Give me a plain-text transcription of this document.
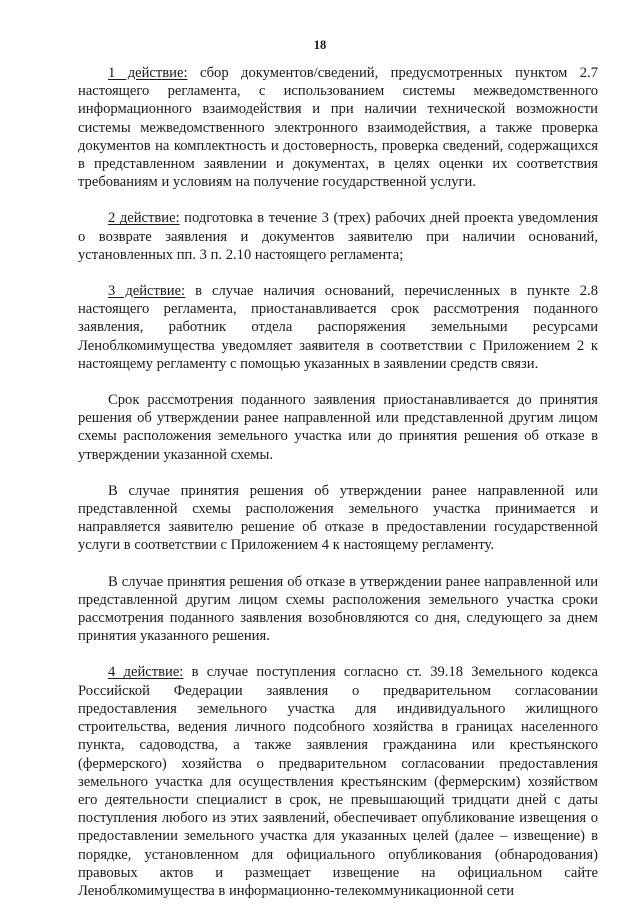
18

1 действие: сбор документов/сведений, предусмотренных пунктом 2.7 настоящего регламента, с использованием системы межведомственного информационного взаимодействия и при наличии технической возможности системы межведомственного электронного взаимодействия, а также проверка документов на комплектность и достоверность, проверка сведений, содержащихся в представленном заявлении и документах, в целях оценки их соответствия требованиям и условиям на получение государственной услуги.

2 действие: подготовка в течение 3 (трех) рабочих дней проекта уведомления о возврате заявления и документов заявителю при наличии оснований, установленных пп. 3 п. 2.10 настоящего регламента;

3 действие: в случае наличия оснований, перечисленных в пункте 2.8 настоящего регламента, приостанавливается срок рассмотрения поданного заявления, работник отдела распоряжения земельными ресурсами Леноблкомимущества уведомляет заявителя в соответствии с Приложением 2 к настоящему регламенту с помощью указанных в заявлении средств связи.

Срок рассмотрения поданного заявления приостанавливается до принятия решения об утверждении ранее направленной или представленной другим лицом схемы расположения земельного участка или до принятия решения об отказе в утверждении указанной схемы.

В случае принятия решения об утверждении ранее направленной или представленной схемы расположения земельного участка принимается и направляется заявителю решение об отказе в предоставлении государственной услуги в соответствии с Приложением 4 к настоящему регламенту.

В случае принятия решения об отказе в утверждении ранее направленной или представленной другим лицом схемы расположения земельного участка сроки рассмотрения поданного заявления возобновляются со дня, следующего за днем принятия указанного решения.

4 действие: в случае поступления согласно ст. 39.18 Земельного кодекса Российской Федерации заявления о предварительном согласовании предоставления земельного участка для индивидуального жилищного строительства, ведения личного подсобного хозяйства в границах населенного пункта, садоводства, а также заявления гражданина или крестьянского (фермерского) хозяйства о предварительном согласовании предоставления земельного участка для осуществления крестьянским (фермерским) хозяйством его деятельности специалист в срок, не превышающий тридцати дней с даты поступления любого из этих заявлений, обеспечивает опубликование извещения о предоставлении земельного участка для указанных целей (далее – извещение) в порядке, установленном для официального опубликования (обнародования) правовых актов и размещает извещение на официальном сайте Леноблкомимущества в информационно-телекоммуникационной сети
